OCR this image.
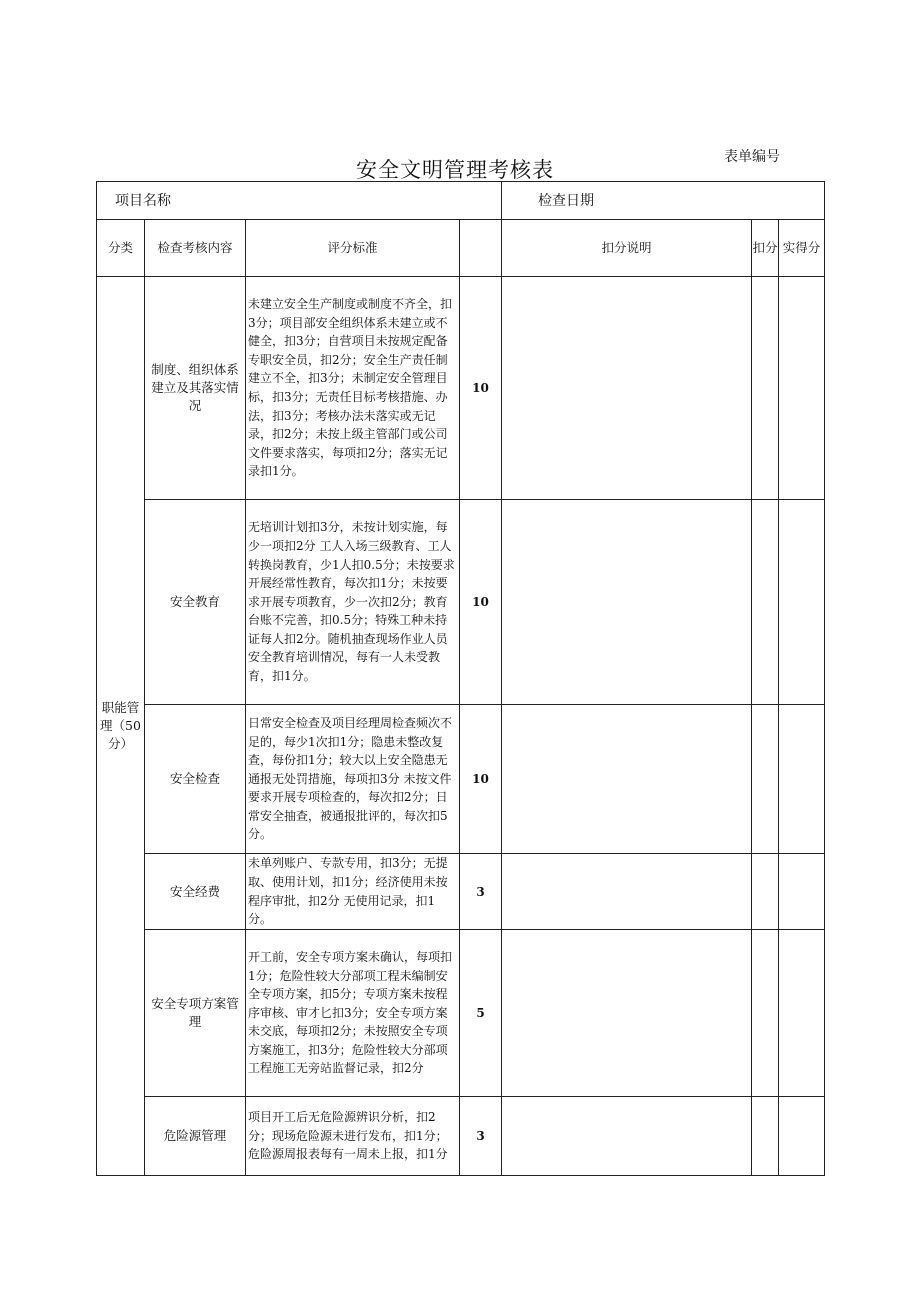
表单编号
安全文明管理考核表
项目名称				检查日期		
分类	检查考核内容	评分标准		扣分说明	扣分	实得分
职能管理（50分）	制度、组织体系建立及其落实情况	未建立安全生产制度或制度不齐全，扣3分；项目部安全组织体系未建立或不健全，扣3分；自营项目未按规定配备专职安全员，扣2分；安全生产责任制建立不全，扣3分；未制定安全管理目标，扣3分；无责任目标考核措施、办法，扣3分；考核办法未落实或无记录，扣2分；未按上级主管部门或公司文件要求落实，每项扣2分；落实无记录扣1分。	10			
	安全教育	无培训计划扣3分，未按计划实施，每少一项扣2分 工人入场三级教育、工人转换岗教育，少1人扣0.5分；未按要求开展经常性教育，每次扣1分；未按要求开展专项教育，少一次扣2分；教育台账不完善，扣0.5分；特殊工种未持证每人扣2分。随机抽查现场作业人员安全教育培训情况，每有一人未受教育，扣1分。	10			
	安全检查	日常安全检查及项目经理周检查频次不足的，每少1次扣1分；隐患未整改复查，每份扣1分；较大以上安全隐患无通报无处罚措施，每项扣3分 未按文件要求开展专项检查的，每次扣2分；日常安全抽查，被通报批评的，每次扣5分。	10			
	安全经费	未单列账户、专款专用，扣3分；无提取、使用计划，扣1分；经济使用未按程序审批，扣2分 无使用记录，扣1分。	3			
	安全专项方案管理	开工前，安全专项方案未确认，每项扣1分；危险性较大分部项工程未编制安全专项方案，扣5分；专项方案未按程序审核、审才匕扣3分；安全专项方案未交底，每项扣2分；未按照安全专项方案施工，扣3分；危险性较大分部项工程施工无旁站监督记录，扣2分	5			
	危险源管理	项目开工后无危险源辨识分析，扣2分；现场危险源未进行发布，扣1分；危险源周报表每有一周未上报，扣1分	3			
